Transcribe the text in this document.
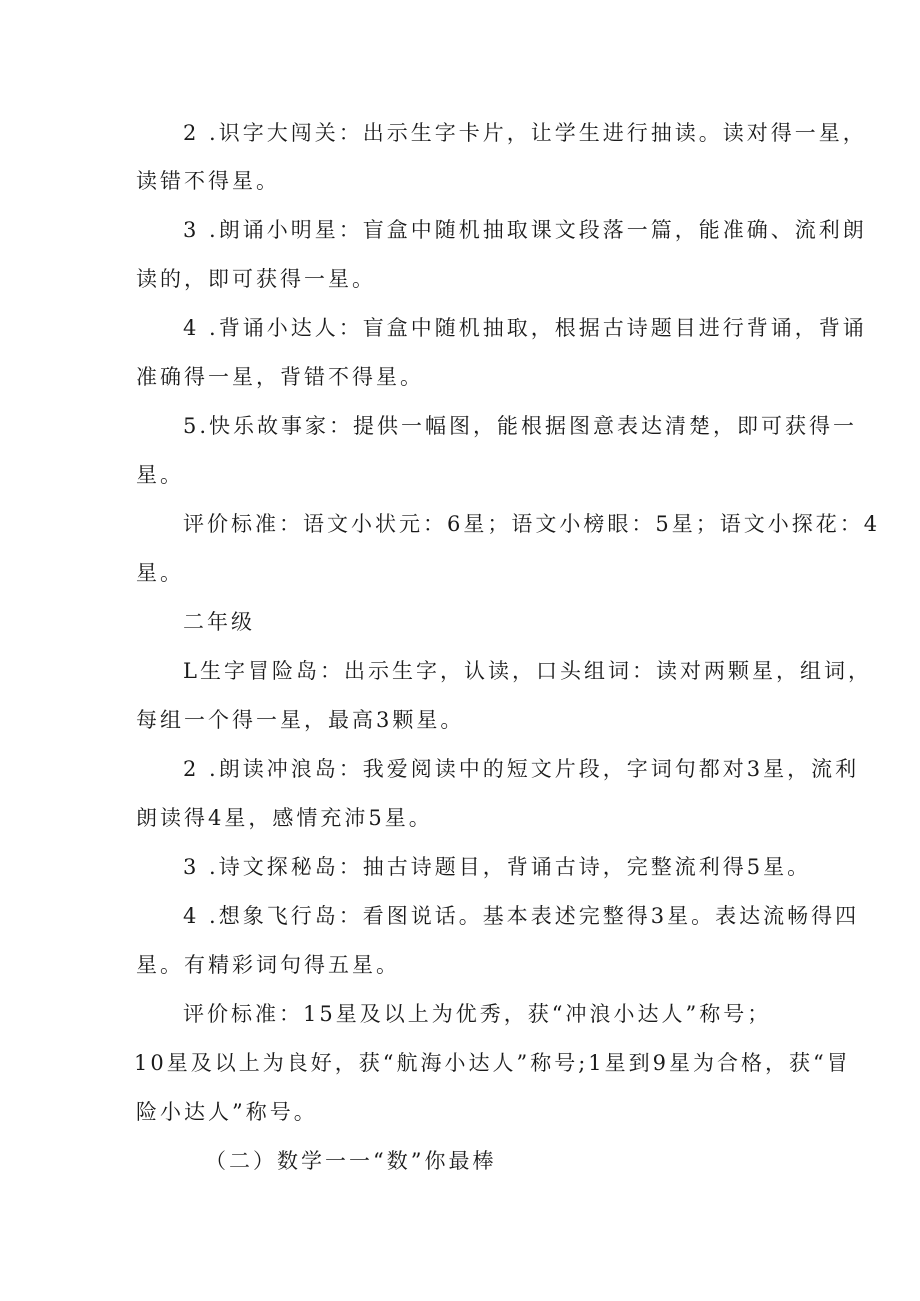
2 .识字大闯关：出示生字卡片，让学生进行抽读。读对得一星，
读错不得星。
3 .朗诵小明星：盲盒中随机抽取课文段落一篇，能准确、流利朗
读的，即可获得一星。
4 .背诵小达人：盲盒中随机抽取，根据古诗题目进行背诵，背诵
准确得一星，背错不得星。
5.快乐故事家：提供一幅图，能根据图意表达清楚，即可获得一
星。
评价标准：语文小状元：6星；语文小榜眼：5星；语文小探花：4
星。
二年级
L生字冒险岛：出示生字，认读，口头组词：读对两颗星，组词，
每组一个得一星，最高3颗星。
2 .朗读冲浪岛：我爱阅读中的短文片段，字词句都对3星，流利
朗读得4星，感情充沛5星。
3 .诗文探秘岛：抽古诗题目，背诵古诗，完整流利得5星。
4 .想象飞行岛：看图说话。基本表述完整得3星。表达流畅得四
星。有精彩词句得五星。
评价标准：15星及以上为优秀，获“冲浪小达人”称号；
10星及以上为良好，获“航海小达人”称号;1星到9星为合格，获“冒
险小达人”称号。
（二）数学一一“数”你最棒
